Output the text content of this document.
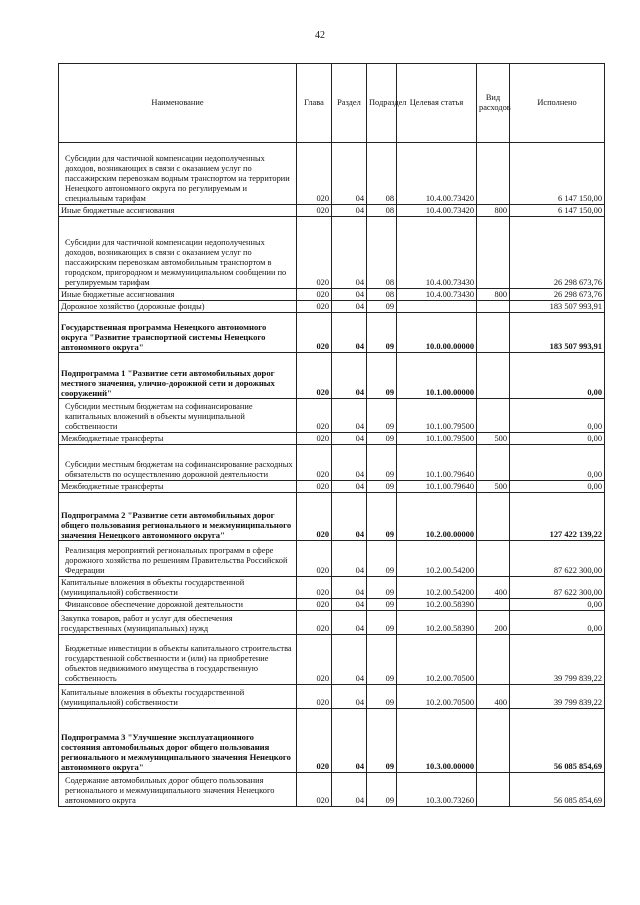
42
Наименование	Глава	Раздел	Подраздел	Целевая статья	Вид расходов	Исполнено
Субсидии для частичной компенсации недополученных доходов, возникающих в связи с оказанием услуг по пассажирским перевозкам водным транспортом на территории Ненецкого автономного округа по регулируемым и специальным тарифам	020	04	08	10.4.00.73420		6 147 150,00
Иные бюджетные ассигнования	020	04	08	10.4.00.73420	800	6 147 150,00
Субсидии для частичной компенсации недополученных доходов, возникающих в связи с оказанием услуг по пассажирским перевозкам автомобильным транспортом в городском, пригородном и межмуниципальном сообщении по регулируемым тарифам	020	04	08	10.4.00.73430		26 298 673,76
Иные бюджетные ассигнования	020	04	08	10.4.00.73430	800	26 298 673,76
Дорожное хозяйство (дорожные фонды)	020	04	09			183 507 993,91
Государственная программа Ненецкого автономного округа "Развитие транспортной системы Ненецкого автономного округа"	020	04	09	10.0.00.00000		183 507 993,91
Подпрограмма 1 "Развитие сети автомобильных дорог местного значения, улично-дорожной сети и дорожных сооружений"	020	04	09	10.1.00.00000		0,00
Субсидии местным бюджетам на софинансирование капитальных вложений в объекты муниципальной собственности	020	04	09	10.1.00.79500		0,00
Межбюджетные трансферты	020	04	09	10.1.00.79500	500	0,00
Субсидии местным бюджетам на софинансирование расходных обязательств по осуществлению дорожной деятельности	020	04	09	10.1.00.79640		0,00
Межбюджетные трансферты	020	04	09	10.1.00.79640	500	0,00
Подпрограмма 2 "Развитие сети автомобильных дорог общего пользования регионального и межмуниципального значения Ненецкого автономного округа"	020	04	09	10.2.00.00000		127 422 139,22
Реализация мероприятий региональных программ в сфере дорожного хозяйства по решениям Правительства Российской Федерации	020	04	09	10.2.00.54200		87 622 300,00
Капитальные вложения в объекты государственной (муниципальной) собственности	020	04	09	10.2.00.54200	400	87 622 300,00
Финансовое обеспечение дорожной деятельности	020	04	09	10.2.00.58390		0,00
Закупка товаров, работ и услуг для обеспечения государственных (муниципальных) нужд	020	04	09	10.2.00.58390	200	0,00
Бюджетные инвестиции в объекты капитального строительства государственной собственности и (или) на приобретение объектов недвижимого имущества в государственную собственность	020	04	09	10.2.00.70500		39 799 839,22
Капитальные вложения в объекты государственной (муниципальной) собственности	020	04	09	10.2.00.70500	400	39 799 839,22
Подпрограмма 3 "Улучшение эксплуатационного состояния автомобильных дорог общего пользования регионального и межмуниципального значения Ненецкого автономного округа"	020	04	09	10.3.00.00000		56 085 854,69
Содержание автомобильных дорог общего пользования регионального и межмуниципального значения Ненецкого автономного округа	020	04	09	10.3.00.73260		56 085 854,69
